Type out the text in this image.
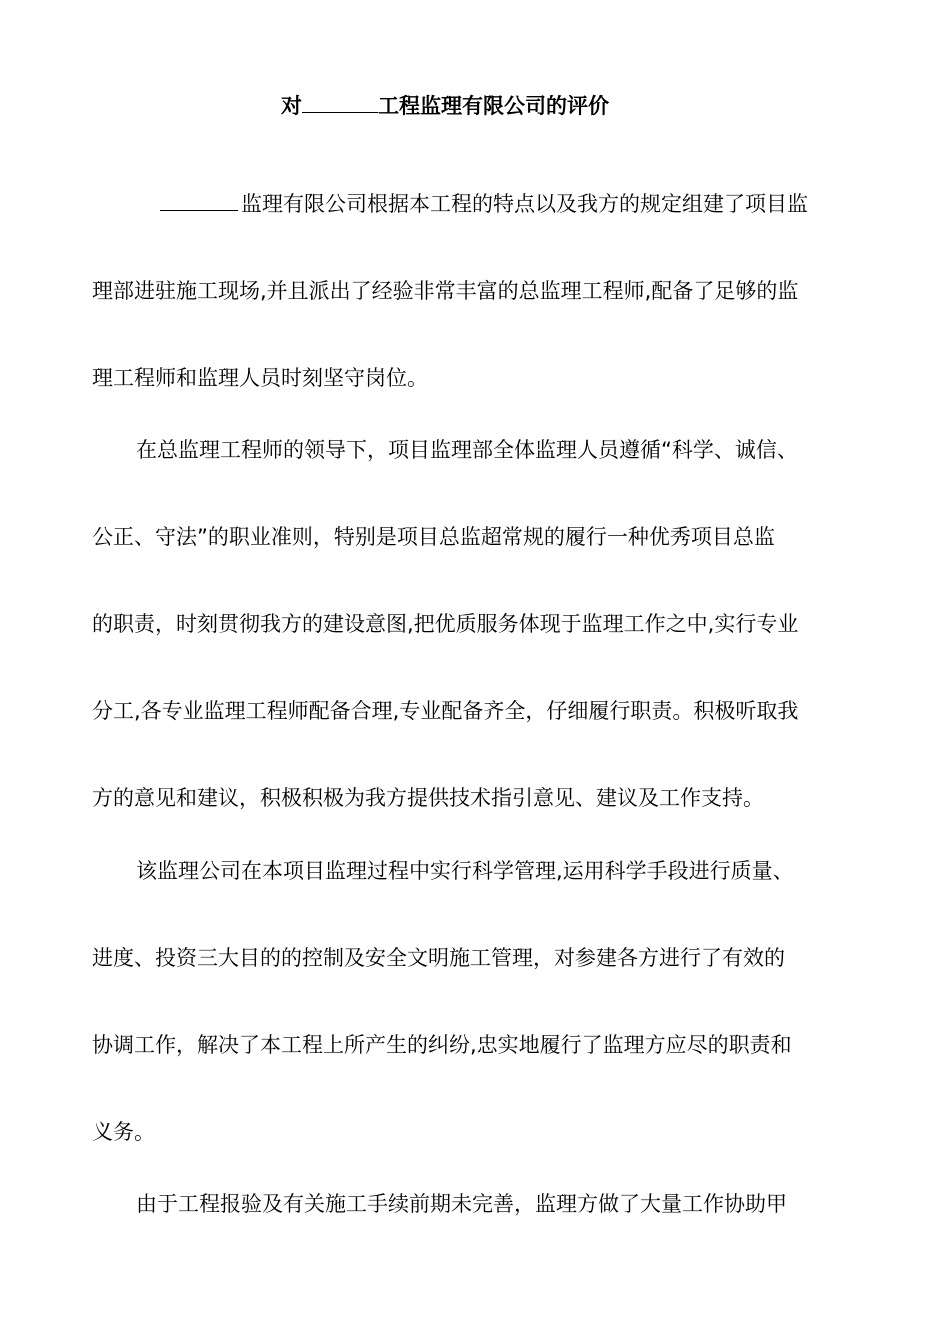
对	工程监理有限公司的评价
监理有限公司根据本工程的特点以及我方的规定组建了项目监
理部进驻施工现场,并且派出了经验非常丰富的总监理工程师,配备了足够的监
理工程师和监理人员时刻坚守岗位。
在总监理工程师的领导下，项目监理部全体监理人员遵循“科学、诚信、
公正、守法”的职业准则，特别是项目总监超常规的履行一种优秀项目总监
的职责，时刻贯彻我方的建设意图,把优质服务体现于监理工作之中,实行专业
分工,各专业监理工程师配备合理,专业配备齐全，仔细履行职责。积极听取我
方的意见和建议，积极积极为我方提供技术指引意见、建议及工作支持。
该监理公司在本项目监理过程中实行科学管理,运用科学手段进行质量、
进度、投资三大目的的控制及安全文明施工管理，对参建各方进行了有效的
协调工作，解决了本工程上所产生的纠纷,忠实地履行了监理方应尽的职责和
义务。
由于工程报验及有关施工手续前期未完善，监理方做了大量工作协助甲
